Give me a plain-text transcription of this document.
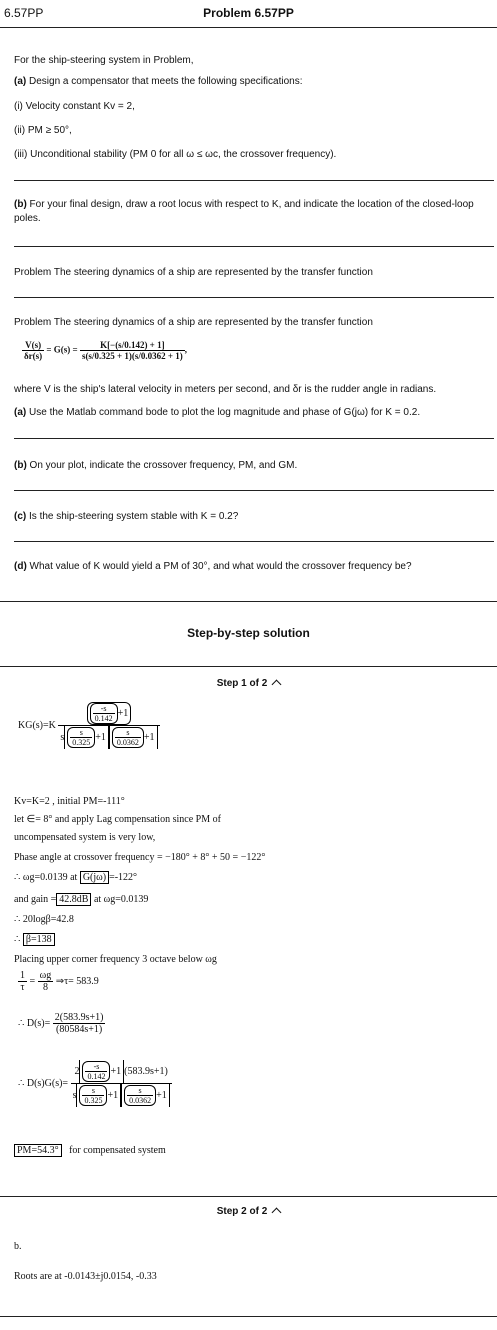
6.57PP	Problem 6.57PP
For the ship-steering system in Problem,
(a) Design a compensator that meets the following specifications:
(i) Velocity constant Kv = 2,
(ii) PM ≥ 50°,
(iii) Unconditional stability (PM 0 for all ω ≤ ωc, the crossover frequency).
(b) For your final design, draw a root locus with respect to K, and indicate the location of the closed-loop poles.
Problem The steering dynamics of a ship are represented by the transfer function
Problem The steering dynamics of a ship are represented by the transfer function
$\frac{V(s)}{\delta r(s)} = G(s) = \frac{K[-(s/0.142) + 1]}{s(s/0.325 + 1)(s/0.0362 + 1)}$ ,
where V is the ship's lateral velocity in meters per second, and δr is the rudder angle in radians.
(a) Use the Matlab command bode to plot the log magnitude and phase of G(jω) for K = 0.2.
(b) On your plot, indicate the crossover frequency, PM, and GM.
(c) Is the ship-steering system stable with K = 0.2?
(d) What value of K would yield a PM of 30°, and what would the crossover frequency be?
Step-by-step solution
Step 1 of 2
$KG(s)=K \frac{\frac{-s}{0.142} +1}{s \frac{s}{0.325} +1 \frac{s}{0.0362} +1}$
Kv=K=2 , initial PM=-111°
let ∈= 8° and apply Lag compensation since PM of
uncompensated system is very low,
Phase angle at crossover frequency = −180° + 8° + 50 = −122°
∴ ωg=0.0139 at G(jω) =-122°
and gain = 42.8dB at ωg=0.0139
∴ 20logβ=42.8
∴ β=138
Placing upper corner frequency 3 octave below ωg
$\frac{1}{\tau} = \frac{\omega g}{8}$ ⇒τ= 583.9
∴ $D(s)= \frac{2(583.9s+1)}{(80584s+1)}$
∴ $D(s)G(s)= \frac{2 \frac{-s}{0.142} +1 (583.9s+1)}{s \frac{s}{0.325} +1 \frac{s}{0.0362} +1}$
PM=54.3° for compensated system
Step 2 of 2
b.
Roots are at -0.0143±j0.0154, -0.33
